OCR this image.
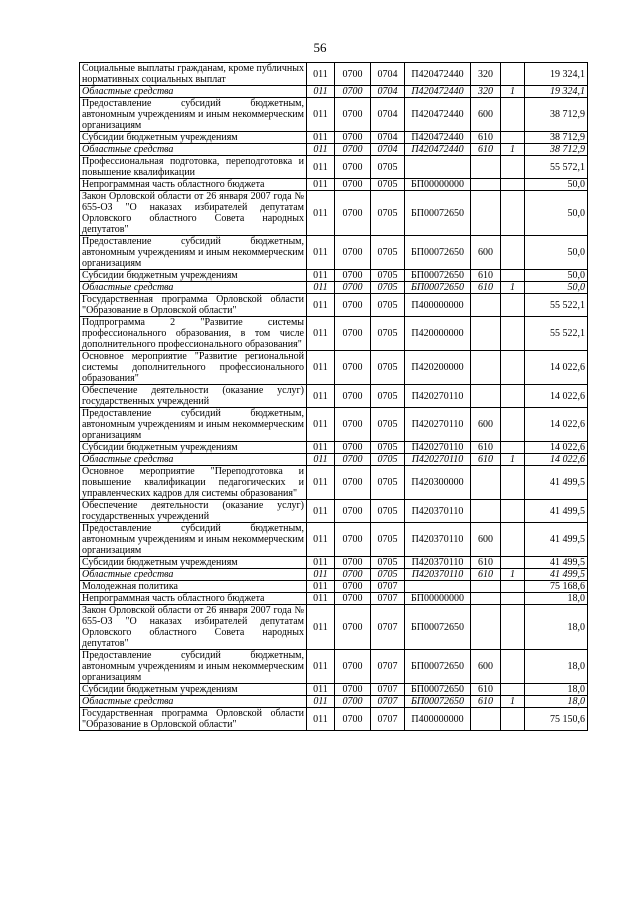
56
Социальные выплаты гражданам, кроме публичных нормативных социальных выплат	011	0700	0704	П420472440	320		19 324,1
Областные средства	011	0700	0704	П420472440	320	1	19 324,1
Предоставление субсидий бюджетным, автономным учреждениям и иным некоммерческим организациям	011	0700	0704	П420472440	600		38 712,9
Субсидии бюджетным учреждениям	011	0700	0704	П420472440	610		38 712,9
Областные средства	011	0700	0704	П420472440	610	1	38 712,9
Профессиональная подготовка, переподготовка и повышение квалификации	011	0700	0705				55 572,1
Непрограммная часть областного бюджета	011	0700	0705	БП00000000			50,0
Закон Орловской области от 26 января 2007 года № 655-ОЗ "О наказах избирателей депутатам Орловского областного Совета народных депутатов"	011	0700	0705	БП00072650			50,0
Предоставление субсидий бюджетным, автономным учреждениям и иным некоммерческим организациям	011	0700	0705	БП00072650	600		50,0
Субсидии бюджетным учреждениям	011	0700	0705	БП00072650	610		50,0
Областные средства	011	0700	0705	БП00072650	610	1	50,0
Государственная программа Орловской области "Образование в Орловской области"	011	0700	0705	П400000000			55 522,1
Подпрограмма 2 "Развитие системы профессионального образования, в том числе дополнительного профессионального образования"	011	0700	0705	П420000000			55 522,1
Основное мероприятие "Развитие региональной системы дополнительного профессионального образования"	011	0700	0705	П420200000			14 022,6
Обеспечение деятельности (оказание услуг) государственных учреждений	011	0700	0705	П420270110			14 022,6
Предоставление субсидий бюджетным, автономным учреждениям и иным некоммерческим организациям	011	0700	0705	П420270110	600		14 022,6
Субсидии бюджетным учреждениям	011	0700	0705	П420270110	610		14 022,6
Областные средства	011	0700	0705	П420270110	610	1	14 022,6
Основное мероприятие "Переподготовка и повышение квалификации педагогических и управленческих кадров для системы образования"	011	0700	0705	П420300000			41 499,5
Обеспечение деятельности (оказание услуг) государственных учреждений	011	0700	0705	П420370110			41 499,5
Предоставление субсидий бюджетным, автономным учреждениям и иным некоммерческим организациям	011	0700	0705	П420370110	600		41 499,5
Субсидии бюджетным учреждениям	011	0700	0705	П420370110	610		41 499,5
Областные средства	011	0700	0705	П420370110	610	1	41 499,5
Молодежная политика	011	0700	0707				75 168,6
Непрограммная часть областного бюджета	011	0700	0707	БП00000000			18,0
Закон Орловской области от 26 января 2007 года № 655-ОЗ "О наказах избирателей депутатам Орловского областного Совета народных депутатов"	011	0700	0707	БП00072650			18,0
Предоставление субсидий бюджетным, автономным учреждениям и иным некоммерческим организациям	011	0700	0707	БП00072650	600		18,0
Субсидии бюджетным учреждениям	011	0700	0707	БП00072650	610		18,0
Областные средства	011	0700	0707	БП00072650	610	1	18,0
Государственная программа Орловской области "Образование в Орловской области"	011	0700	0707	П400000000			75 150,6
